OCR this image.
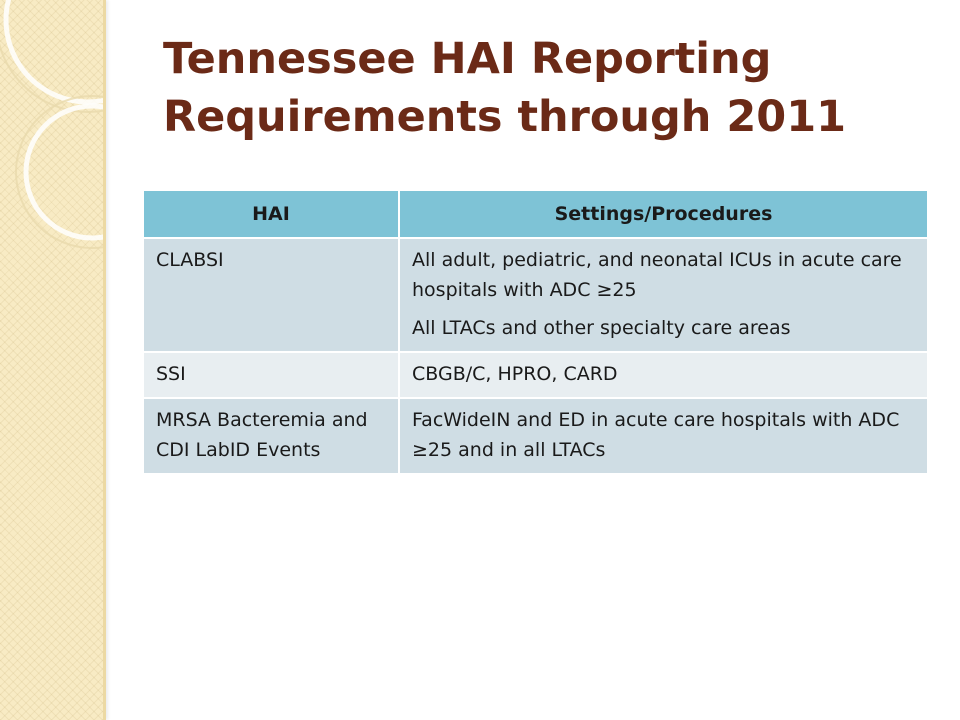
Tennessee HAI Reporting Requirements through 2011
HAI	Settings/Procedures
CLABSI	All adult, pediatric, and neonatal ICUs in acute care hospitals with ADC ≥25
All LTACs and other specialty care areas

SSI	CBGB/C, HPRO, CARD

MRSA Bacteremia and CDI LabID Events	FacWideIN and ED in acute care hospitals with ADC ≥25 and in all LTACs
